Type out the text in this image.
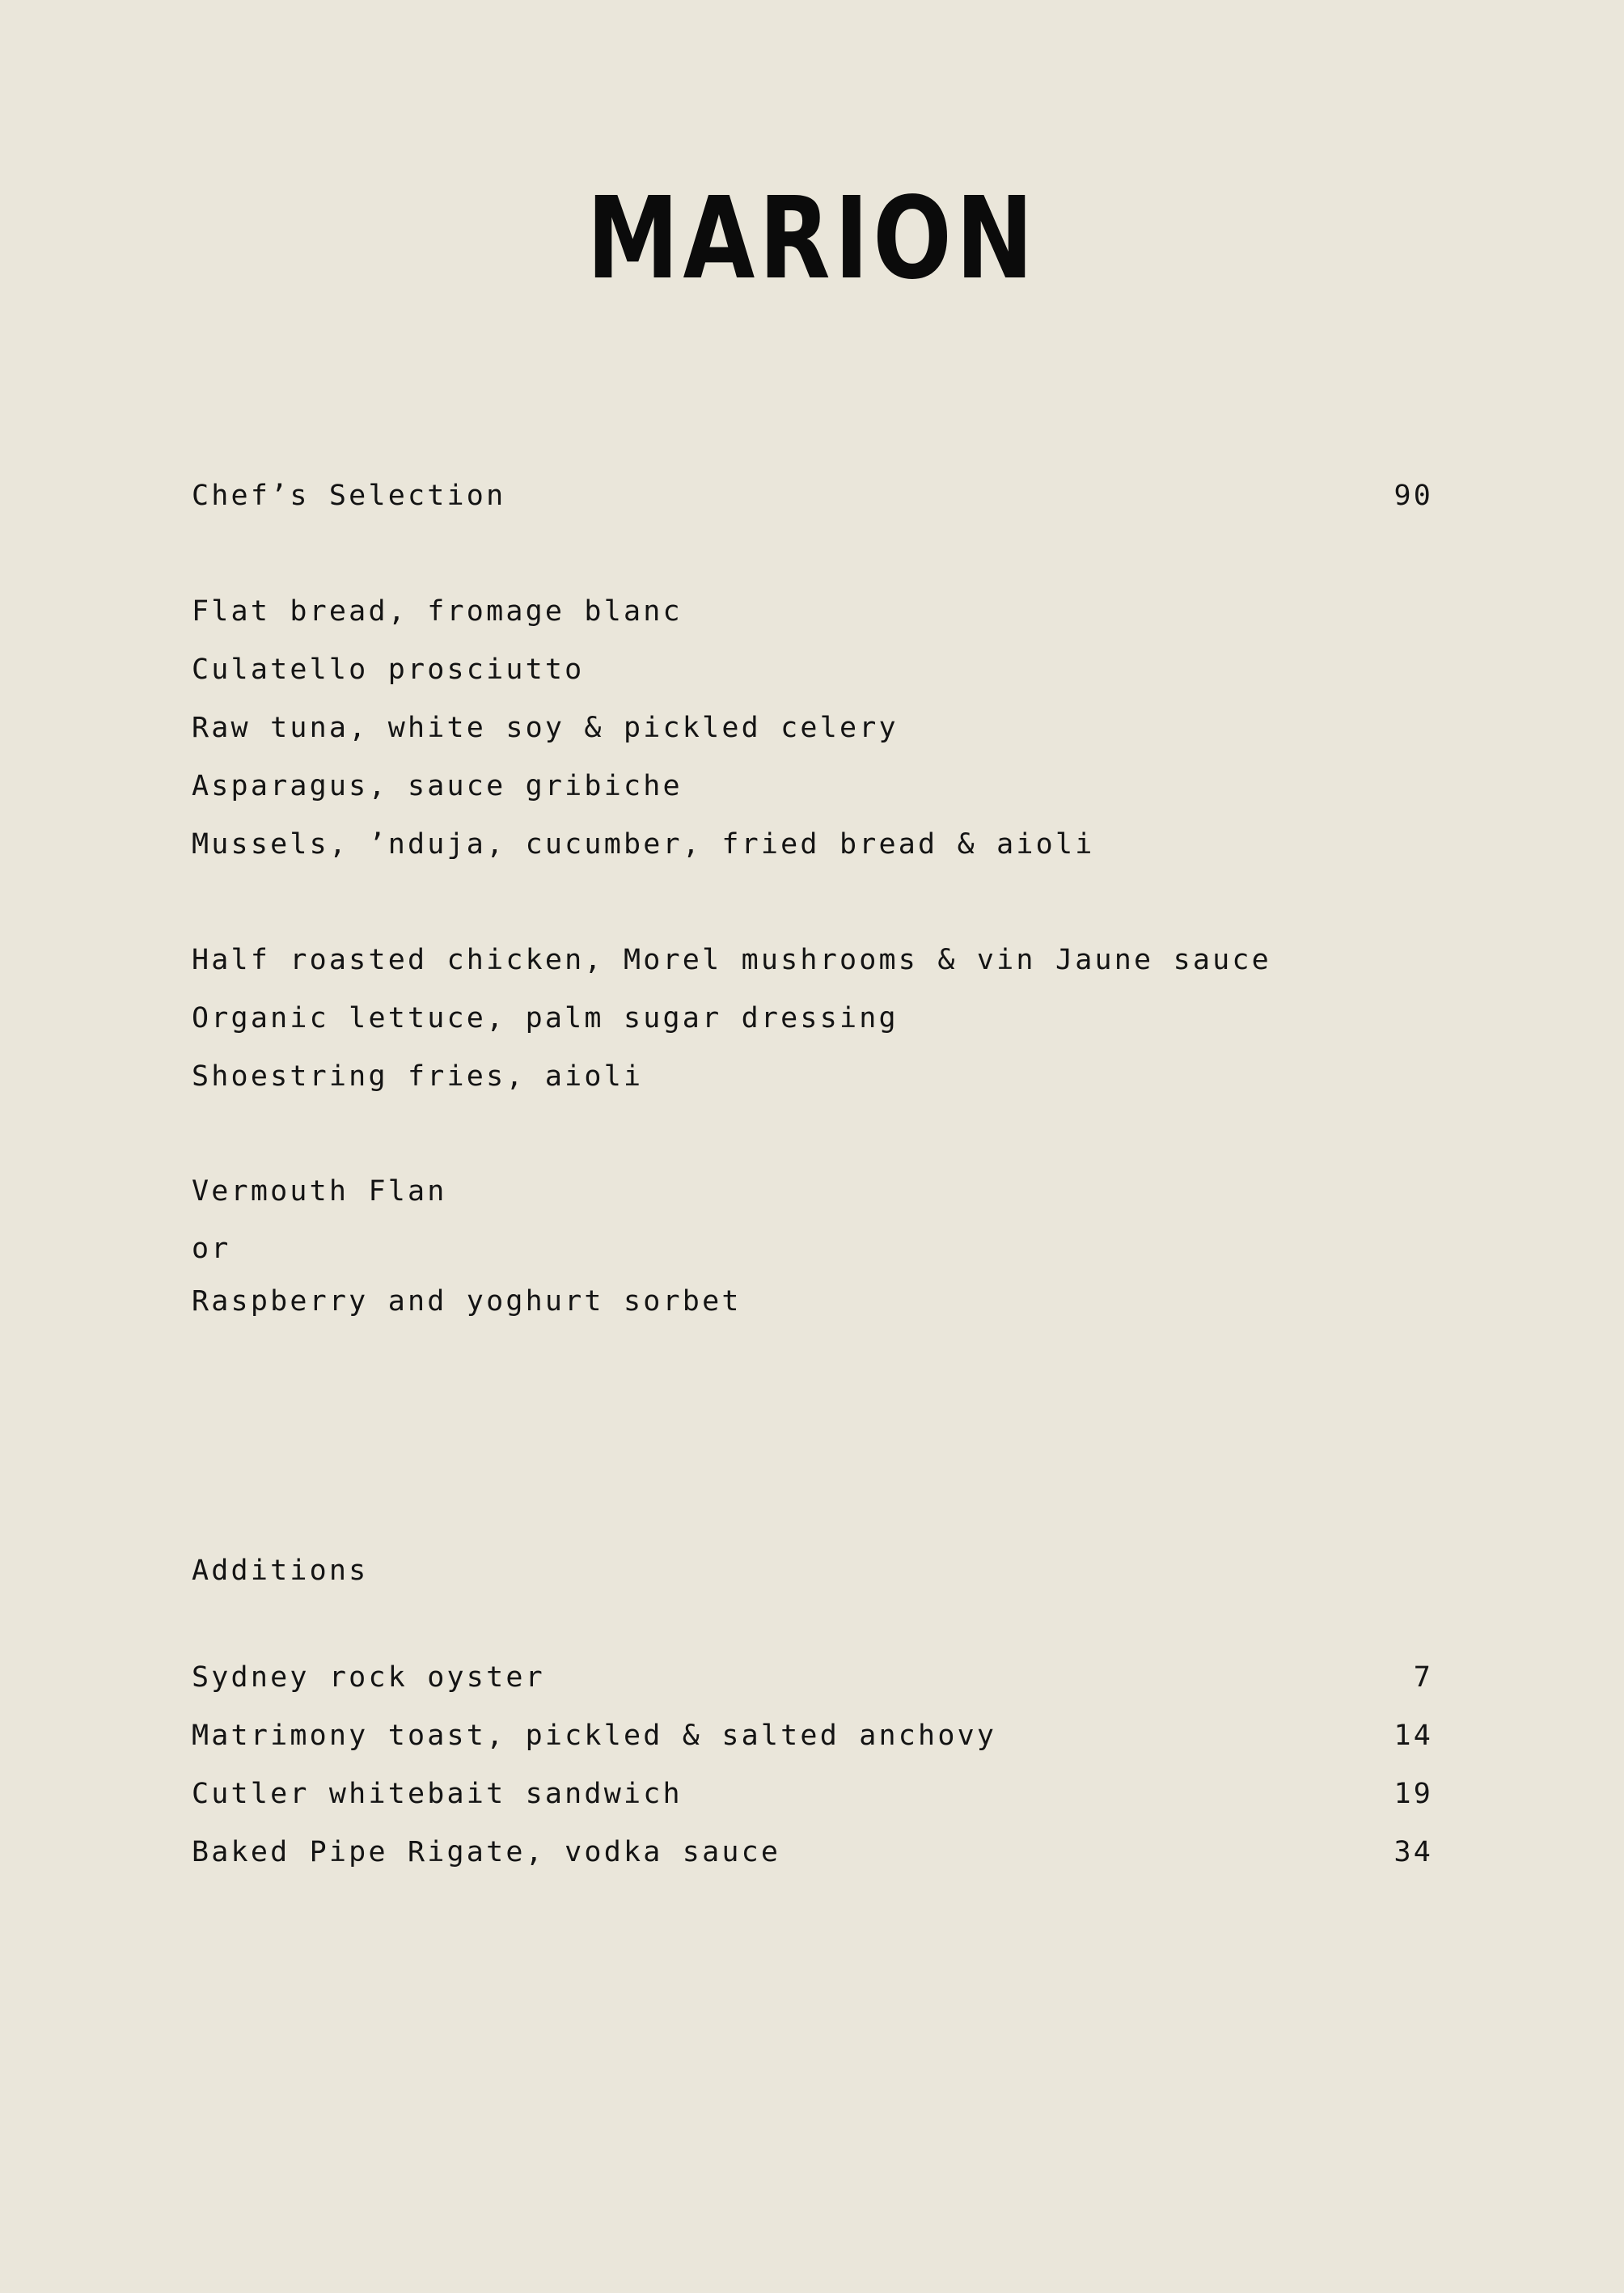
MARION
Chef’s Selection	90
Flat bread, fromage blanc
Culatello prosciutto
Raw tuna, white soy & pickled celery
Asparagus, sauce gribiche
Mussels, ’nduja, cucumber, fried bread & aioli
Half roasted chicken, Morel mushrooms & vin Jaune sauce
Organic lettuce, palm sugar dressing
Shoestring fries, aioli
Vermouth Flan
or
Raspberry and yoghurt sorbet
Additions
Sydney rock oyster	7
Matrimony toast, pickled & salted anchovy	14
Cutler whitebait sandwich	19
Baked Pipe Rigate, vodka sauce	34
